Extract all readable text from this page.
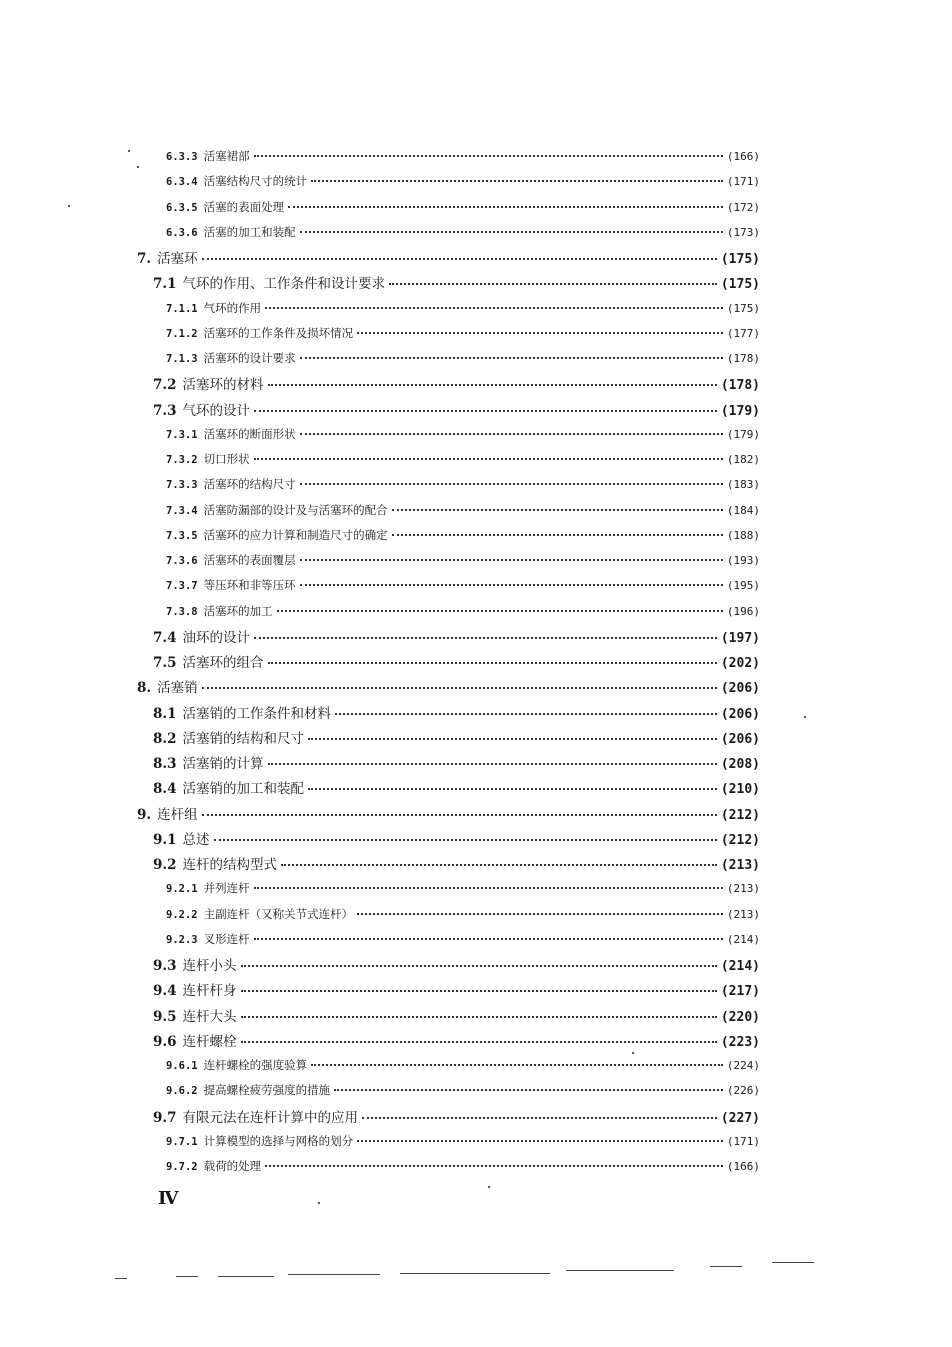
6.3.3 活塞裙部	(166)
6.3.4 活塞结构尺寸的统计	(171)
6.3.5 活塞的表面处理	(172)
6.3.6 活塞的加工和装配	(173)
7. 活塞环	(175)
7.1 气环的作用、工作条件和设计要求	(175)
7.1.1 气环的作用	(175)
7.1.2 活塞环的工作条件及损坏情况	(177)
7.1.3 活塞环的设计要求	(178)
7.2 活塞环的材料	(178)
7.3 气环的设计	(179)
7.3.1 活塞环的断面形状	(179)
7.3.2 切口形状	(182)
7.3.3 活塞环的结构尺寸	(183)
7.3.4 活塞防漏部的设计及与活塞环的配合	(184)
7.3.5 活塞环的应力计算和制造尺寸的确定	(188)
7.3.6 活塞环的表面覆层	(193)
7.3.7 等压环和非等压环	(195)
7.3.8 活塞环的加工	(196)
7.4 油环的设计	(197)
7.5 活塞环的组合	(202)
8. 活塞销	(206)
8.1 活塞销的工作条件和材料	(206)
8.2 活塞销的结构和尺寸	(206)
8.3 活塞销的计算	(208)
8.4 活塞销的加工和装配	(210)
9. 连杆组	(212)
9.1 总述	(212)
9.2 连杆的结构型式	(213)
9.2.1 并列连杆	(213)
9.2.2 主副连杆（又称关节式连杆）	(213)
9.2.3 叉形连杆	(214)
9.3 连杆小头	(214)
9.4 连杆杆身	(217)
9.5 连杆大头	(220)
9.6 连杆螺栓	(223)
9.6.1 连杆螺栓的强度验算	(224)
9.6.2 提高螺栓疲劳强度的措施	(226)
9.7 有限元法在连杆计算中的应用	(227)
9.7.1 计算模型的选择与网格的划分	(171)
9.7.2 载荷的处理	(166)
Ⅳ
